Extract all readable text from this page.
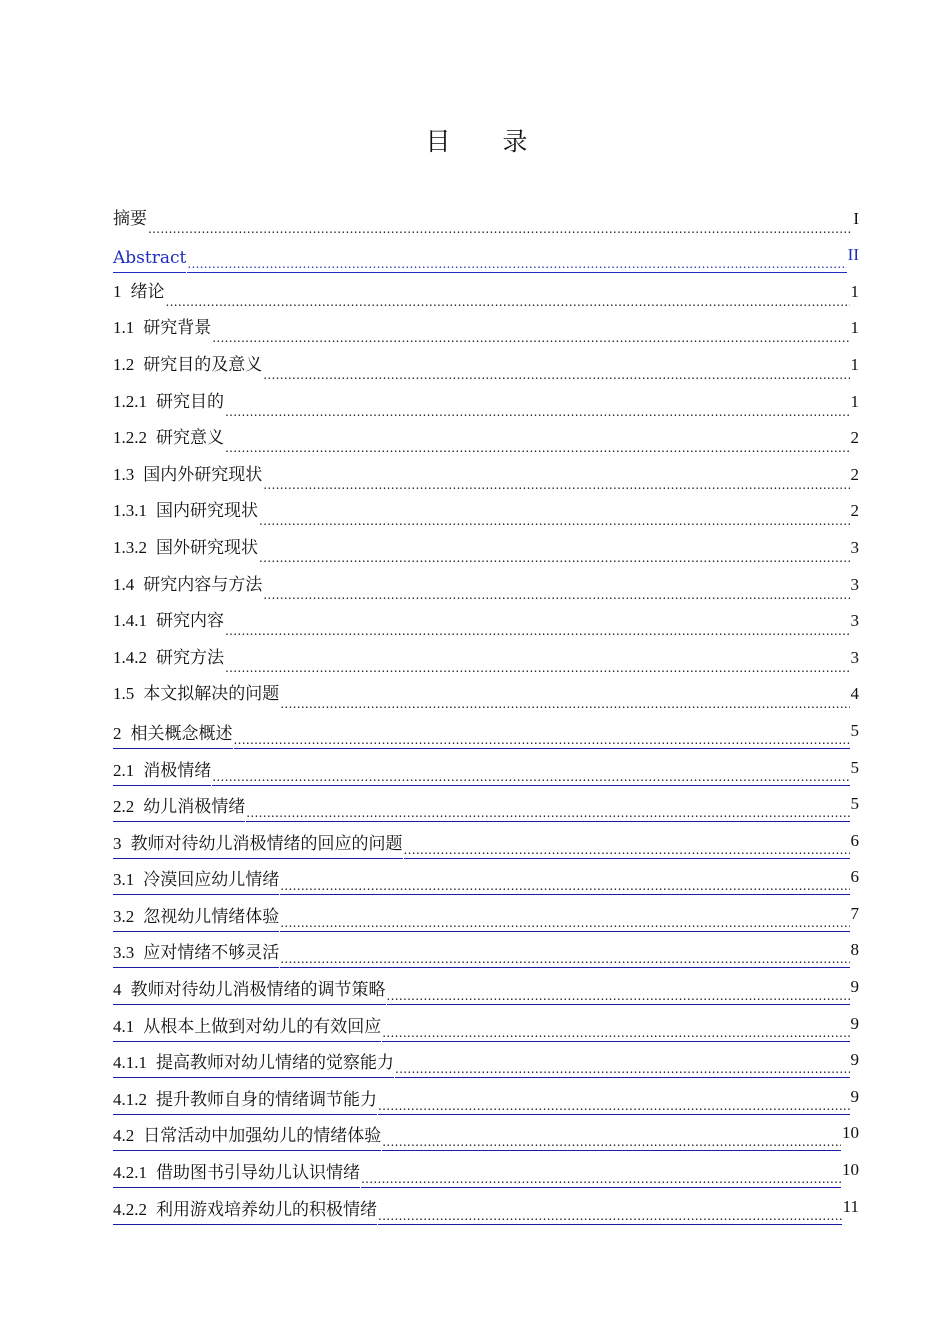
目 录
摘要 .....	I
Abstract .....	II
1 绪论 .....	1
1.1 研究背景 .....	1
1.2 研究目的及意义 .....	1
1.2.1 研究目的 .....	1
1.2.2 研究意义 .....	2
1.3 国内外研究现状 .....	2
1.3.1 国内研究现状 .....	2
1.3.2 国外研究现状 .....	3
1.4 研究内容与方法 .....	3
1.4.1 研究内容 .....	3
1.4.2 研究方法 .....	3
1.5 本文拟解决的问题 .....	4
2 相关概念概述 .....	5
2.1 消极情绪 .....	5
2.2 幼儿消极情绪 .....	5
3 教师对待幼儿消极情绪的回应的问题 .....	6
3.1 冷漠回应幼儿情绪 .....	6
3.2 忽视幼儿情绪体验 .....	7
3.3 应对情绪不够灵活 .....	8
4 教师对待幼儿消极情绪的调节策略 .....	9
4.1 从根本上做到对幼儿的有效回应 .....	9
4.1.1 提高教师对幼儿情绪的觉察能力 .....	9
4.1.2 提升教师自身的情绪调节能力 .....	9
4.2 日常活动中加强幼儿的情绪体验 .....	10
4.2.1 借助图书引导幼儿认识情绪 .....	10
4.2.2 利用游戏培养幼儿的积极情绪 .....	11
